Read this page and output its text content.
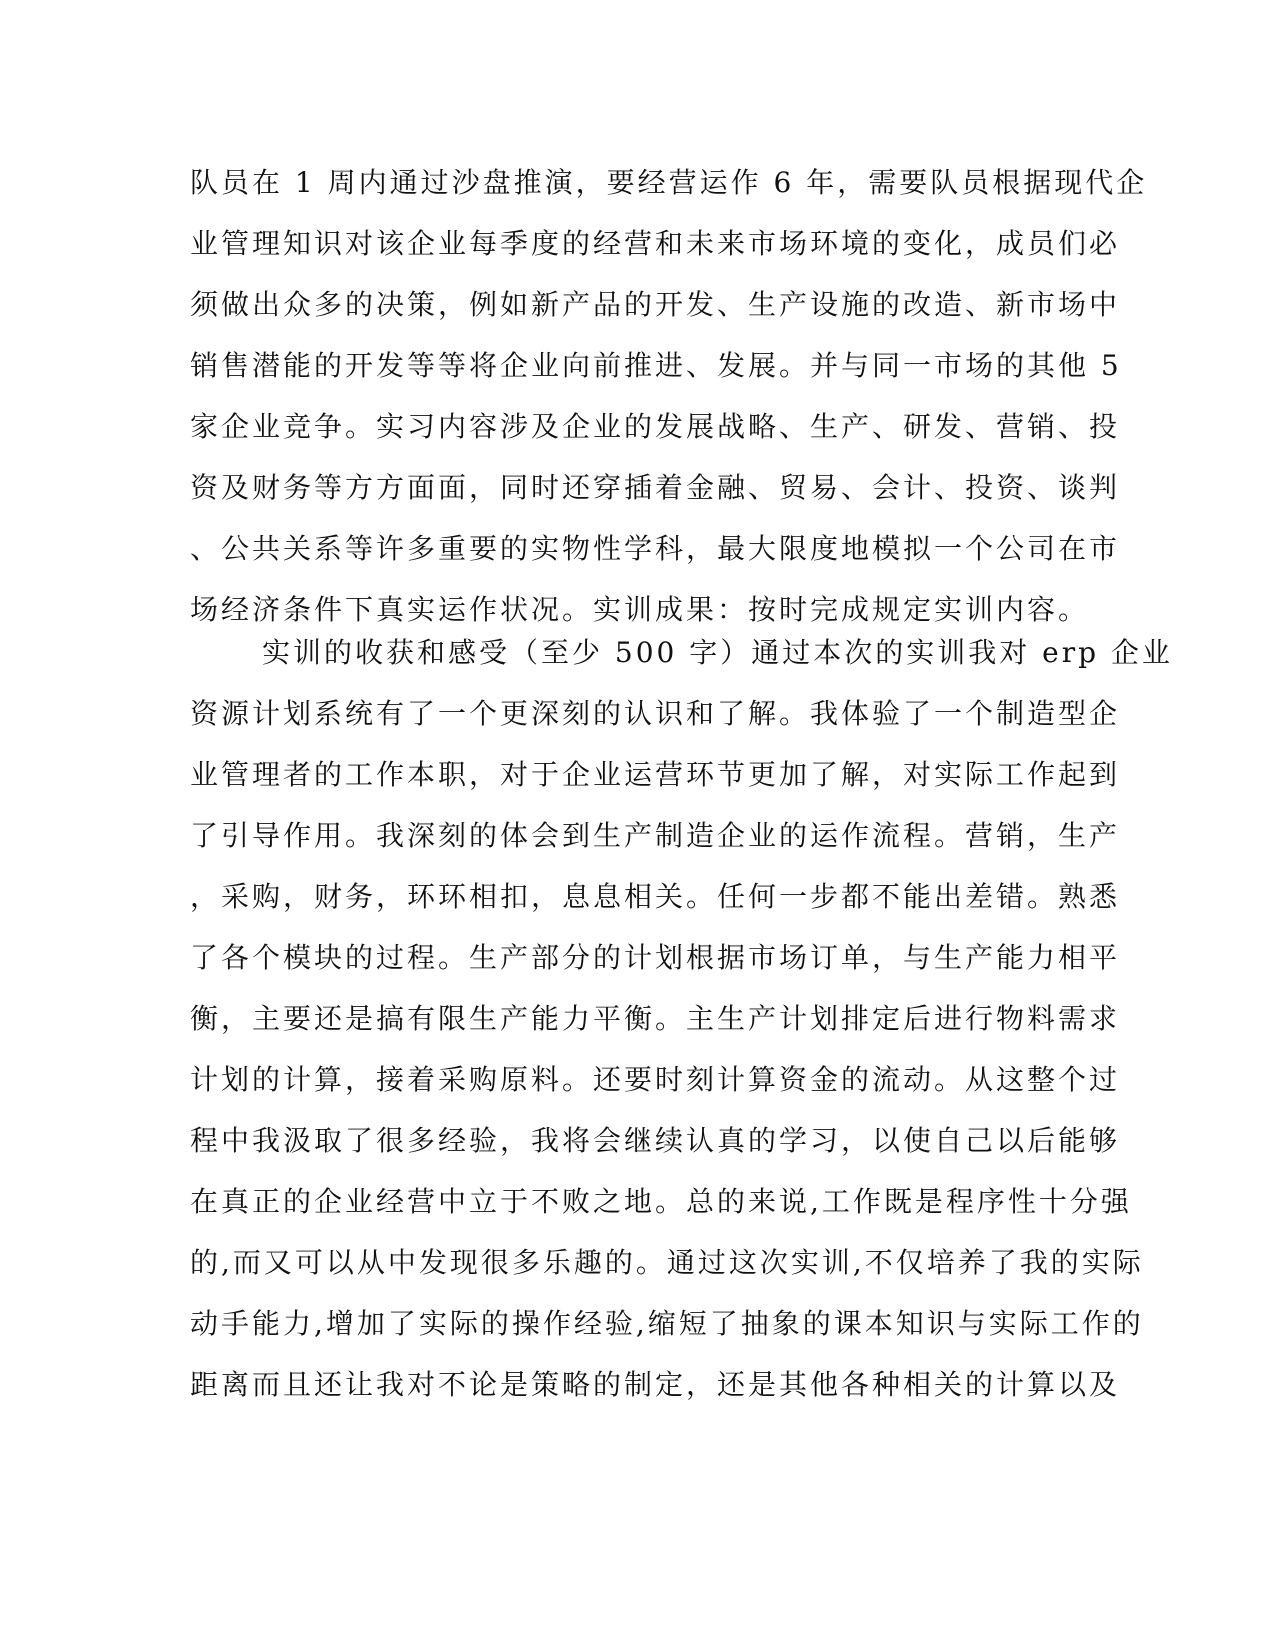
队员在 1 周内通过沙盘推演，要经营运作 6 年，需要队员根据现代企
业管理知识对该企业每季度的经营和未来市场环境的变化，成员们必
须做出众多的决策，例如新产品的开发、生产设施的改造、新市场中
销售潜能的开发等等将企业向前推进、发展。并与同一市场的其他 5
家企业竞争。实习内容涉及企业的发展战略、生产、研发、营销、投
资及财务等方方面面，同时还穿插着金融、贸易、会计、投资、谈判
、公共关系等许多重要的实物性学科，最大限度地模拟一个公司在市
场经济条件下真实运作状况。实训成果：按时完成规定实训内容。
实训的收获和感受（至少 500 字）通过本次的实训我对 erp 企业
资源计划系统有了一个更深刻的认识和了解。我体验了一个制造型企
业管理者的工作本职，对于企业运营环节更加了解，对实际工作起到
了引导作用。我深刻的体会到生产制造企业的运作流程。营销，生产
，采购，财务，环环相扣，息息相关。任何一步都不能出差错。熟悉
了各个模块的过程。生产部分的计划根据市场订单，与生产能力相平
衡，主要还是搞有限生产能力平衡。主生产计划排定后进行物料需求
计划的计算，接着采购原料。还要时刻计算资金的流动。从这整个过
程中我汲取了很多经验，我将会继续认真的学习，以使自己以后能够
在真正的企业经营中立于不败之地。总的来说,工作既是程序性十分强
的,而又可以从中发现很多乐趣的。通过这次实训,不仅培养了我的实际
动手能力,增加了实际的操作经验,缩短了抽象的课本知识与实际工作的
距离而且还让我对不论是策略的制定，还是其他各种相关的计算以及
